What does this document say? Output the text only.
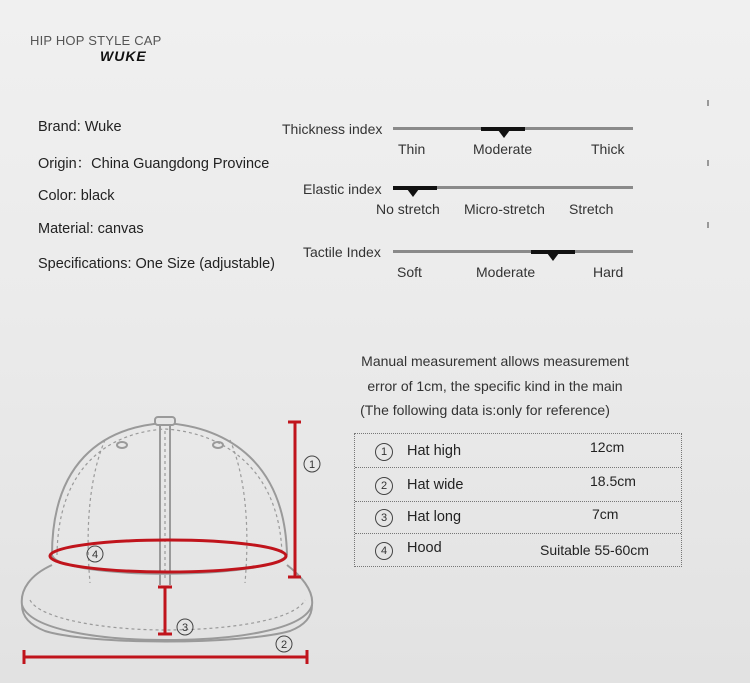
HIP HOP STYLE CAP
WUKE
Brand: Wuke
Origin：China Guangdong Province
Color: black
Material: canvas
Specifications: One Size (adjustable)
Thickness index
Thin	Moderate	Thick
Elastic index
No stretch Micro-stretch Stretch
Tactile Index
Soft	Moderate	Hard
Manual measurement allows measurement
error of 1cm, the specific kind in the main
(The following data is:only for reference)
1	Hat high	12cm
2	Hat wide	18.5cm
3	Hat long	7cm
4	Hood	Suitable 55-60cm
1
2
3
4
